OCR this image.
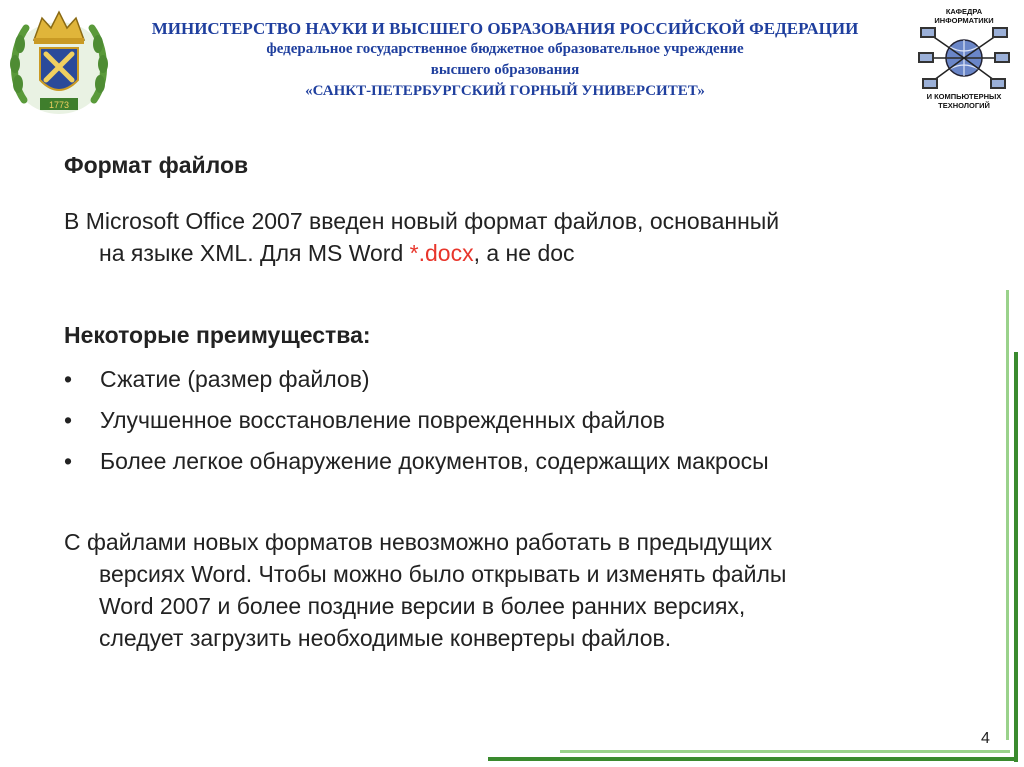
1773
МИНИСТЕРСТВО НАУКИ И ВЫСШЕГО ОБРАЗОВАНИЯ РОССИЙСКОЙ ФЕДЕРАЦИИ
федеральное государственное бюджетное образовательное учреждение
высшего образования
«САНКТ-ПЕТЕРБУРГСКИЙ ГОРНЫЙ УНИВЕРСИТЕТ»
КАФЕДРА
ИНФОРМАТИКИ
И КОМПЬЮТЕРНЫХ
ТЕХНОЛОГИЙ
Формат файлов
В Microsoft Office 2007 введен новый формат файлов, основанный
на языке XML. Для MS Word *.docx, а не doc
Некоторые преимущества:
• Сжатие (размер файлов)
• Улучшенное восстановление поврежденных файлов
• Более легкое обнаружение документов, содержащих макросы
С файлами новых форматов невозможно работать в предыдущих
версиях Word. Чтобы можно было открывать и изменять файлы
Word 2007 и более поздние версии в более ранних версиях,
следует загрузить необходимые конвертеры файлов.
4
